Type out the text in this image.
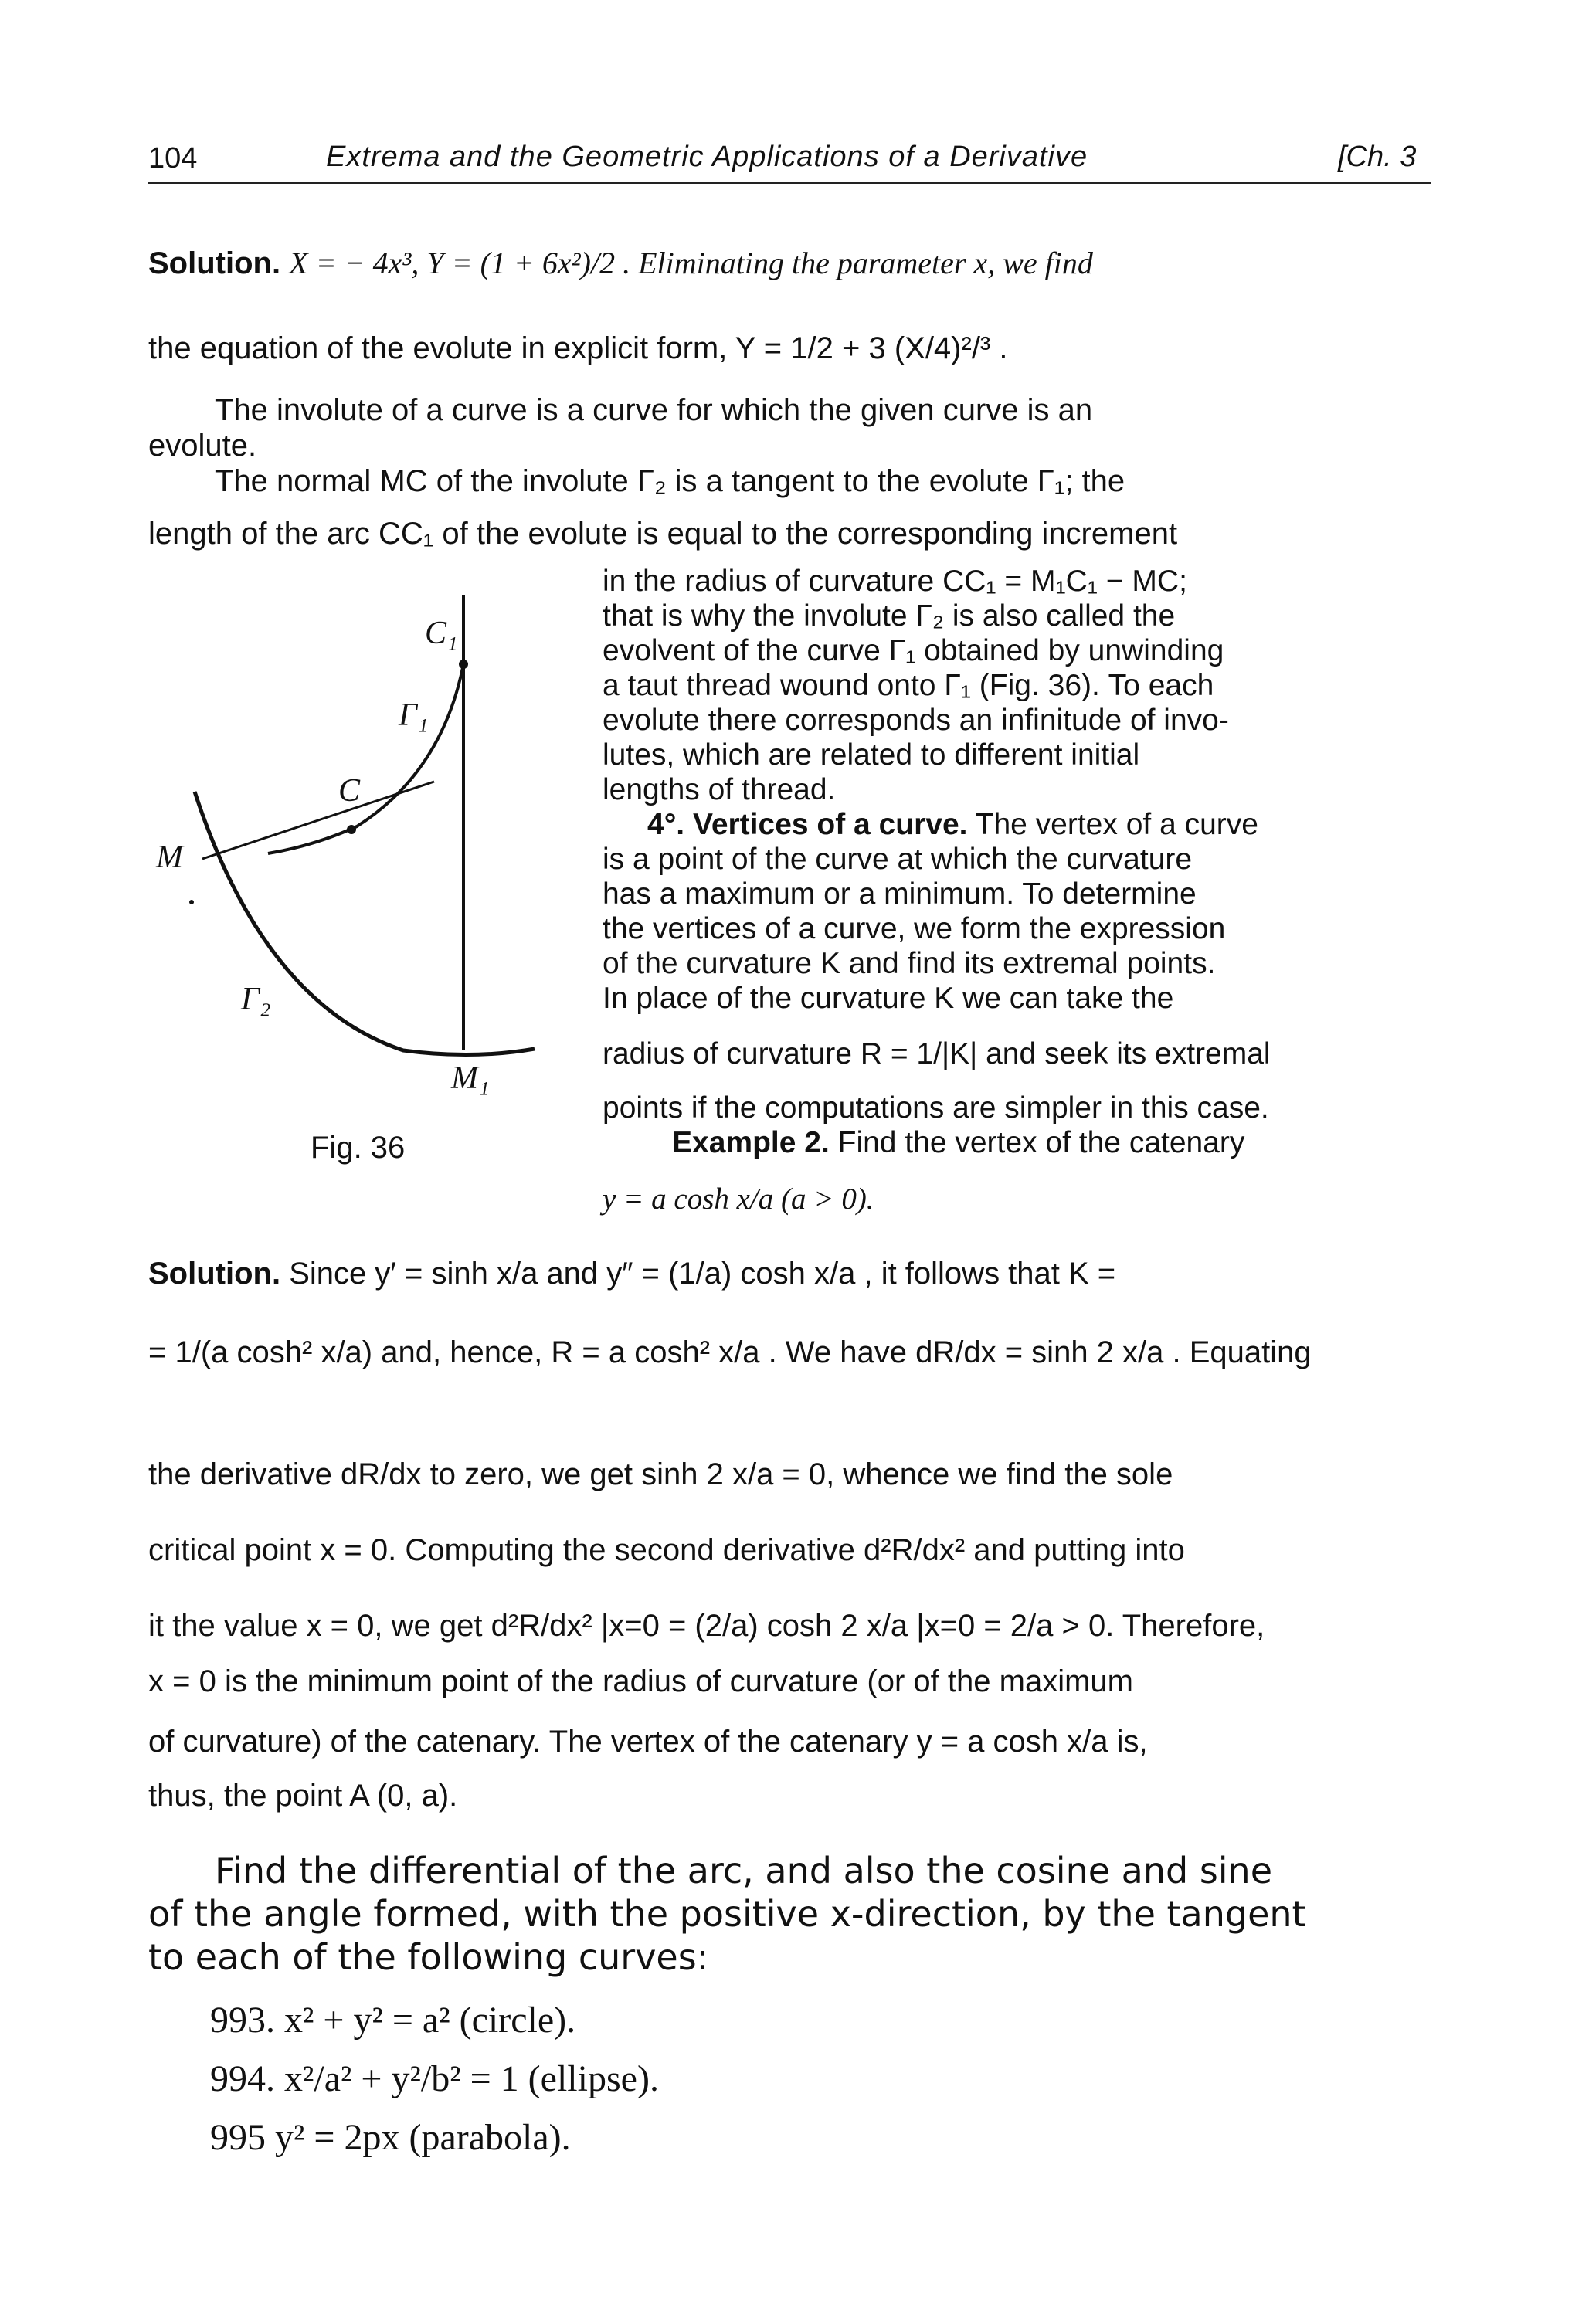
104	Extrema and the Geometric Applications of a Derivative	[Ch. 3
Solution. X = − 4x³, Y = (1 + 6x²)/2 . Eliminating the parameter x, we find
the equation of the evolute in explicit form, Y = 1/2 + 3 (X/4)²/³ .
The involute of a curve is a curve for which the given curve is an
evolute.
The normal MC of the involute Γ₂ is a tangent to the evolute Γ₁; the
length of the arc CC₁ of the evolute is equal to the corresponding increment
C₁
Γ₁
C
M
Γ₂
M₁
Fig. 36
in the radius of curvature CC₁ = M₁C₁ − MC;
that is why the involute Γ₂ is also called the
evolvent of the curve Γ₁ obtained by unwinding
a taut thread wound onto Γ₁ (Fig. 36). To each
evolute there corresponds an infinitude of invo-
lutes, which are related to different initial
lengths of thread.
4°. Vertices of a curve. The vertex of a curve
is a point of the curve at which the curvature
has a maximum or a minimum. To determine
the vertices of a curve, we form the expression
of the curvature K and find its extremal points.
In place of the curvature K we can take the
radius of curvature R = 1/|K| and seek its extremal
points if the computations are simpler in this case.
Example 2. Find the vertex of the catenary
y = a cosh x/a (a > 0).
Solution. Since y′ = sinh x/a and y″ = (1/a) cosh x/a , it follows that K =
= 1/(a cosh² x/a) and, hence, R = a cosh² x/a . We have dR/dx = sinh 2 x/a . Equating
the derivative dR/dx to zero, we get sinh 2 x/a = 0, whence we find the sole
critical point x = 0. Computing the second derivative d²R/dx² and putting into
it the value x = 0, we get d²R/dx² |x=0 = (2/a) cosh 2 x/a |x=0 = 2/a > 0. Therefore,
x = 0 is the minimum point of the radius of curvature (or of the maximum
of curvature) of the catenary. The vertex of the catenary y = a cosh x/a is,
thus, the point A (0, a).
Find the differential of the arc, and also the cosine and sine
of the angle formed, with the positive x-direction, by the tangent
to each of the following curves:
993. x² + y² = a² (circle).
994. x²/a² + y²/b² = 1 (ellipse).
995 y² = 2px (parabola).
